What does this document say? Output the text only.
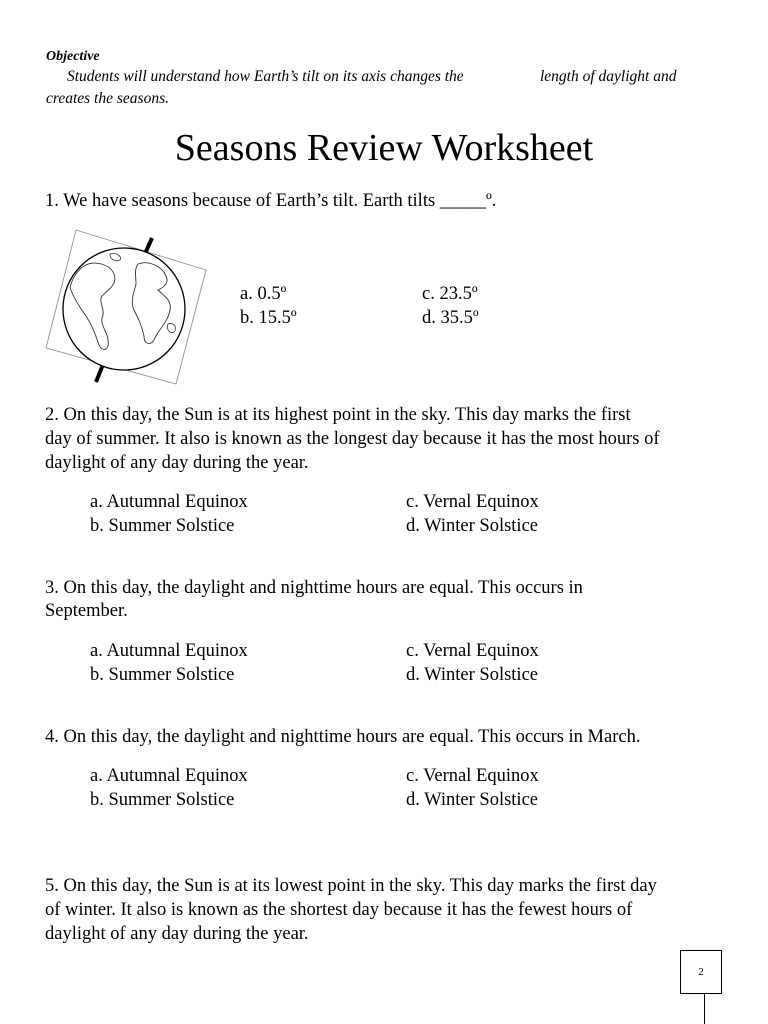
Objective
Students will understand how Earth’s tilt on its axis changes the	length of daylight and
creates the seasons.
Seasons Review Worksheet
1. We have seasons because of Earth’s tilt. Earth tilts _____º.
a. 0.5º
b. 15.5º
c. 23.5º
d. 35.5º
2. On this day, the Sun is at its highest point in the sky. This day marks the first
day of summer. It also is known as the longest day because it has the most hours of
daylight of any day during the year.
a. Autumnal Equinox
b. Summer Solstice
c. Vernal Equinox
d. Winter Solstice
3. On this day, the daylight and nighttime hours are equal. This occurs in
September.
a. Autumnal Equinox
b. Summer Solstice
c. Vernal Equinox
d. Winter Solstice
4. On this day, the daylight and nighttime hours are equal. This occurs in March.
a. Autumnal Equinox
b. Summer Solstice
c. Vernal Equinox
d. Winter Solstice
5. On this day, the Sun is at its lowest point in the sky. This day marks the first day
of winter. It also is known as the shortest day because it has the fewest hours of
daylight of any day during the year.
2
